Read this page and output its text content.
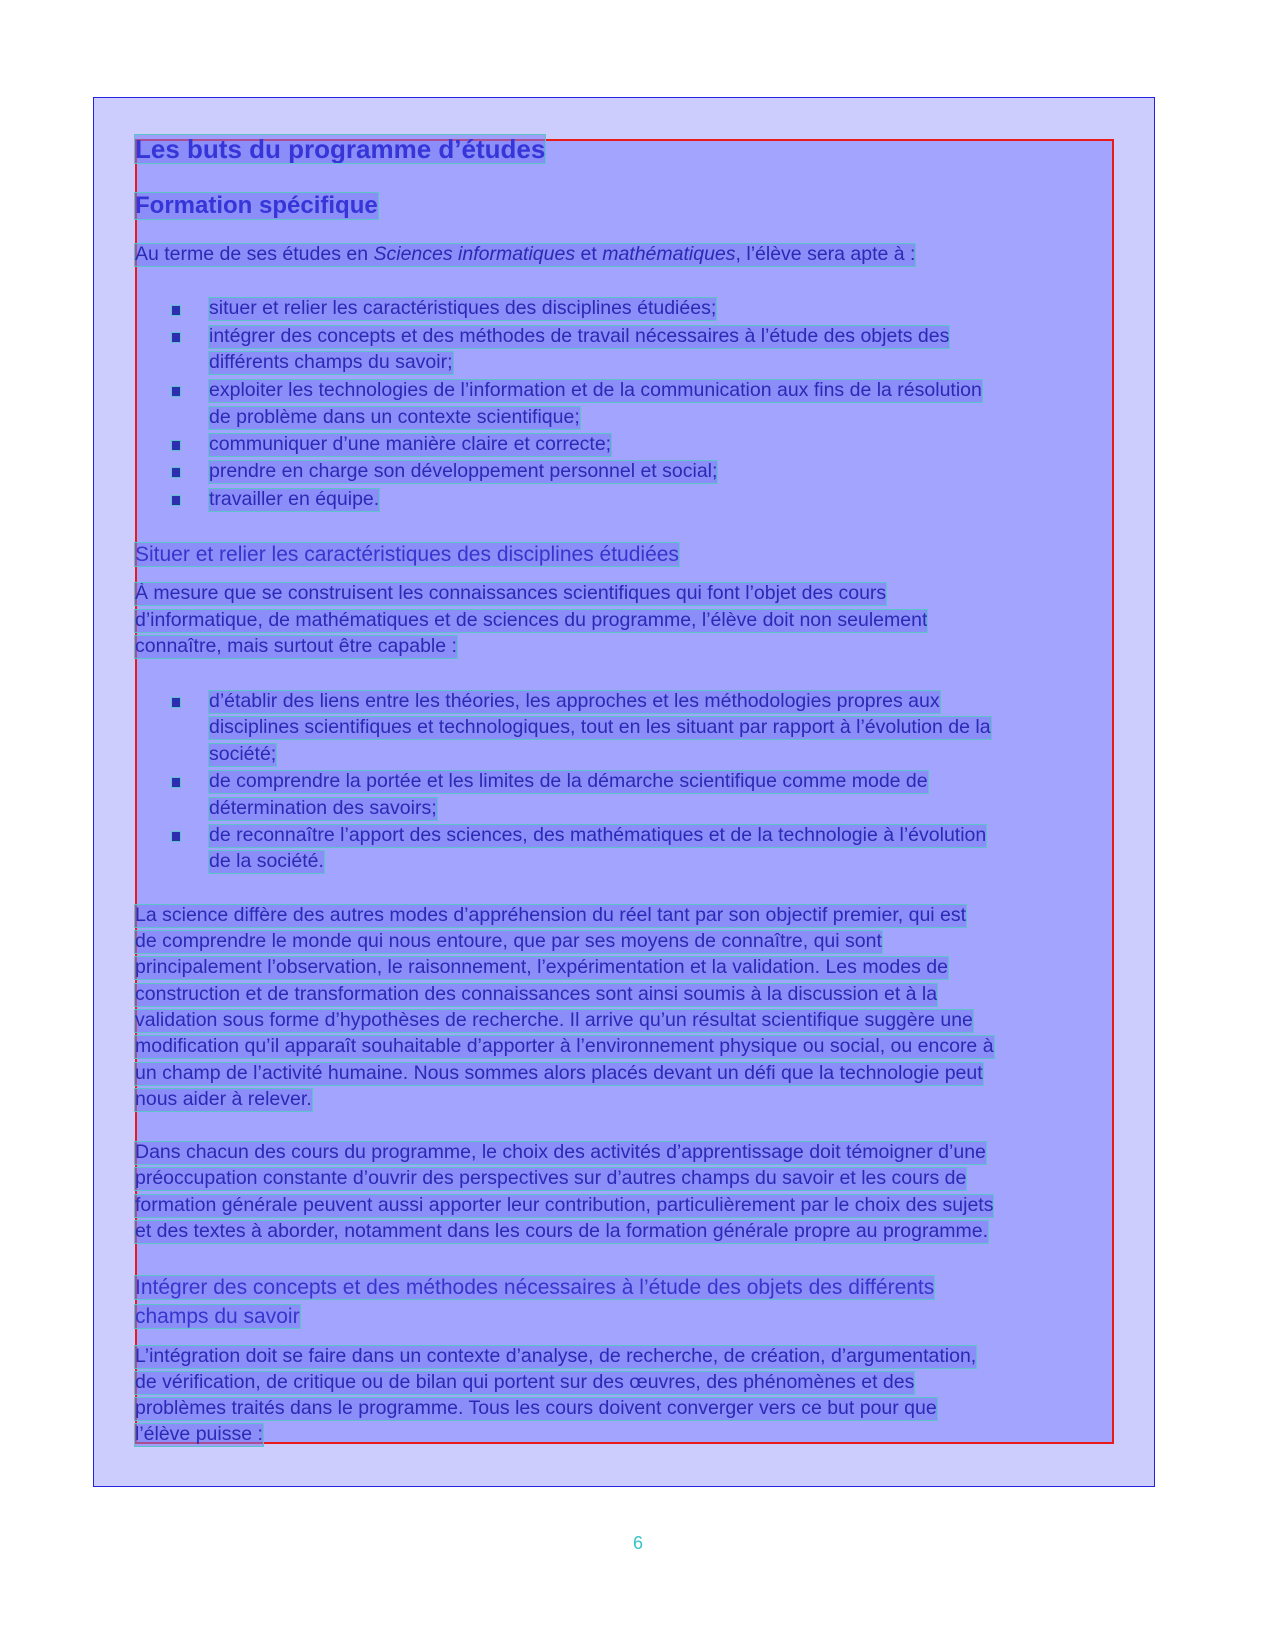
Les buts du programme d’études
Formation spécifique
Au terme de ses études en Sciences informatiques et mathématiques, l’élève sera apte à :
situer et relier les caractéristiques des disciplines étudiées;
intégrer des concepts et des méthodes de travail nécessaires à l’étude des objets des
différents champs du savoir;
exploiter les technologies de l’information et de la communication aux fins de la résolution
de problème dans un contexte scientifique;
communiquer d’une manière claire et correcte;
prendre en charge son développement personnel et social;
travailler en équipe.
Situer et relier les caractéristiques des disciplines étudiées
À mesure que se construisent les connaissances scientifiques qui font l’objet des cours
d’informatique, de mathématiques et de sciences du programme, l’élève doit non seulement
connaître, mais surtout être capable :
d’établir des liens entre les théories, les approches et les méthodologies propres aux
disciplines scientifiques et technologiques, tout en les situant par rapport à l’évolution de la
société;
de comprendre la portée et les limites de la démarche scientifique comme mode de
détermination des savoirs;
de reconnaître l’apport des sciences, des mathématiques et de la technologie à l’évolution
de la société.
La science diffère des autres modes d’appréhension du réel tant par son objectif premier, qui est
de comprendre le monde qui nous entoure, que par ses moyens de connaître, qui sont
principalement l’observation, le raisonnement, l’expérimentation et la validation. Les modes de
construction et de transformation des connaissances sont ainsi soumis à la discussion et à la
validation sous forme d’hypothèses de recherche. Il arrive qu’un résultat scientifique suggère une
modification qu’il apparaît souhaitable d’apporter à l’environnement physique ou social, ou encore à
un champ de l’activité humaine. Nous sommes alors placés devant un défi que la technologie peut
nous aider à relever.
Dans chacun des cours du programme, le choix des activités d’apprentissage doit témoigner d’une
préoccupation constante d’ouvrir des perspectives sur d’autres champs du savoir et les cours de
formation générale peuvent aussi apporter leur contribution, particulièrement par le choix des sujets
et des textes à aborder, notamment dans les cours de la formation générale propre au programme.
Intégrer des concepts et des méthodes nécessaires à l’étude des objets des différents
champs du savoir
L’intégration doit se faire dans un contexte d’analyse, de recherche, de création, d’argumentation,
de vérification, de critique ou de bilan qui portent sur des œuvres, des phénomènes et des
problèmes traités dans le programme. Tous les cours doivent converger vers ce but pour que
l’élève puisse :
6
